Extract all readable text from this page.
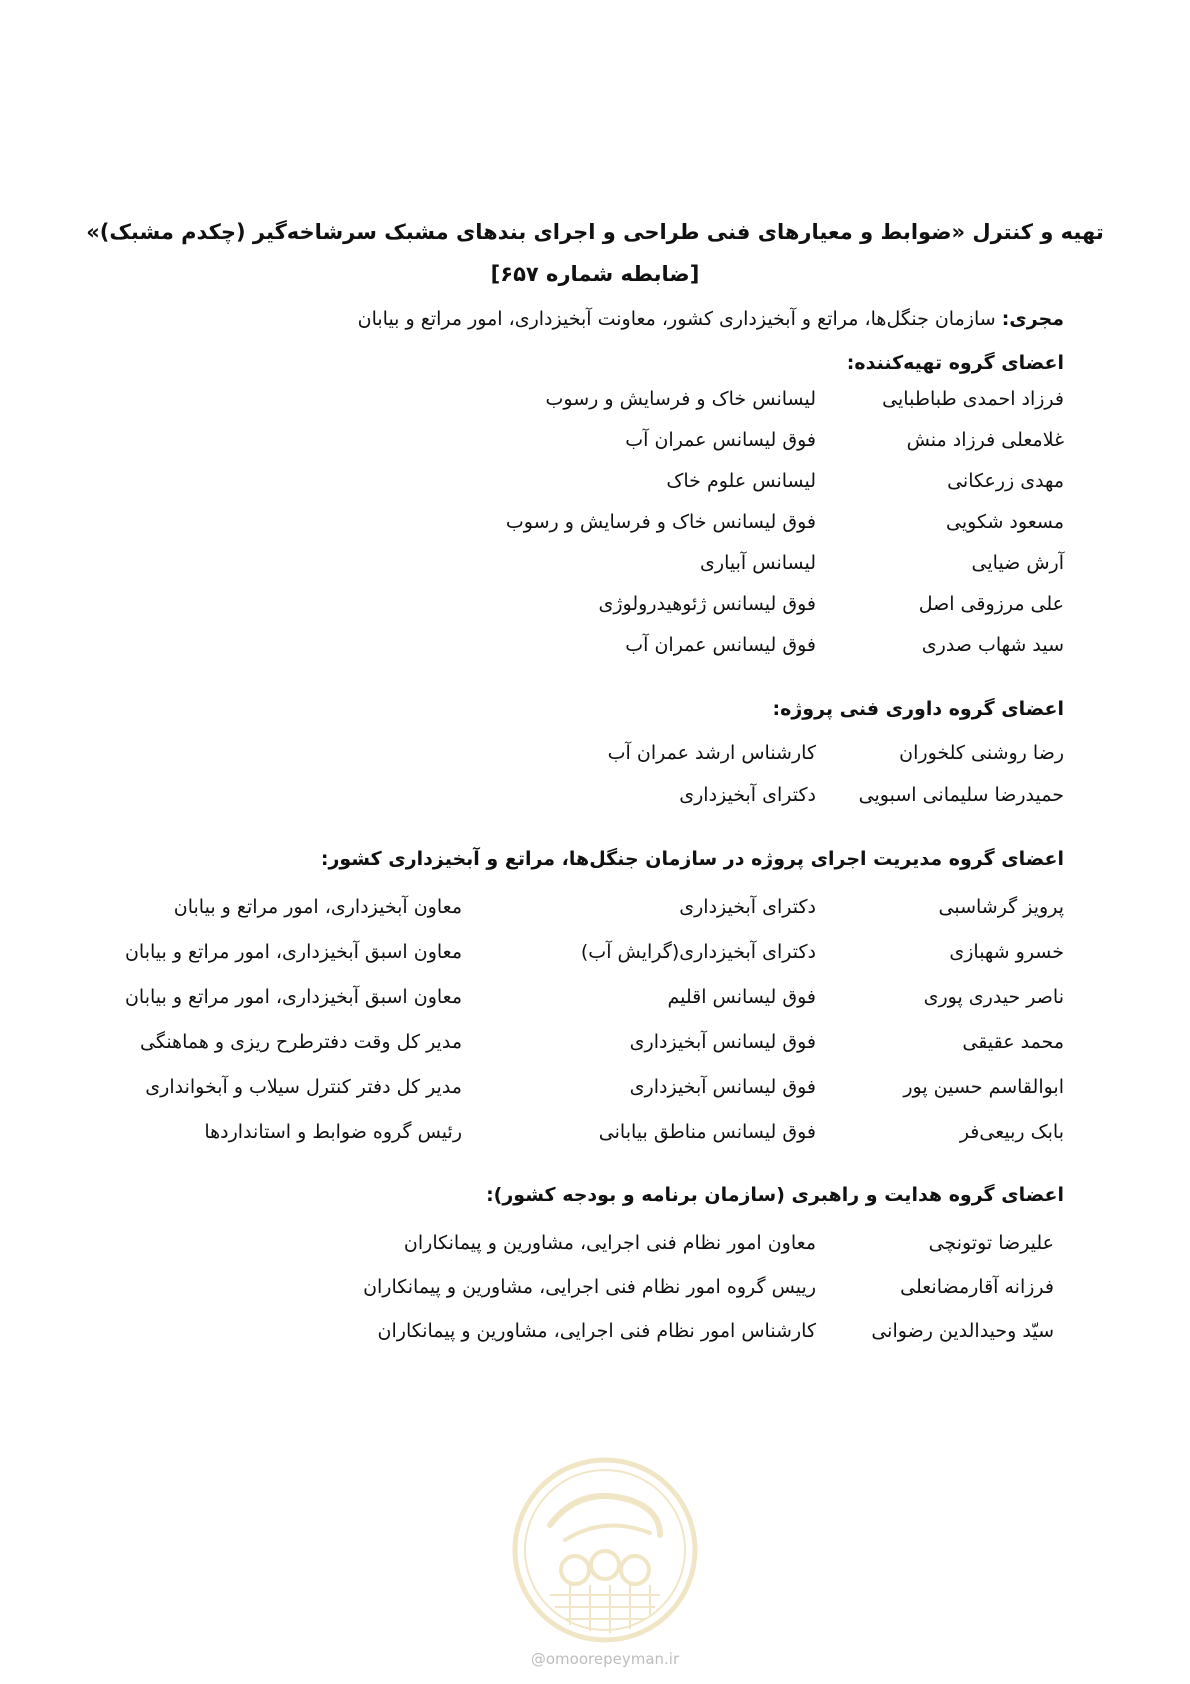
تهیه و کنترل «ضوابط و معیارهای فنی طراحی و اجرای بندهای مشبک سرشاخه‌گیر (چکدم مشبک)»
[ضابطه شماره ۶۵۷]
مجری: سازمان جنگل‌ها، مراتع و آبخیزداری کشور، معاونت آبخیزداری، امور مراتع و بیابان
اعضای گروه تهیه‌کننده:
فرزاد احمدی طباطبایی
لیسانس خاک و فرسایش و رسوب
غلامعلی فرزاد منش
فوق لیسانس عمران آب
مهدی زرعکانی
لیسانس علوم خاک
مسعود شکویی
فوق لیسانس خاک و فرسایش و رسوب
آرش ضیایی
لیسانس آبیاری
علی مرزوقی اصل
فوق لیسانس ژئوهیدرولوژی
سید شهاب صدری
فوق لیسانس عمران آب
اعضای گروه داوری فنی پروژه:
رضا روشنی کلخوران
کارشناس ارشد عمران آب
حمیدرضا سلیمانی اسبویی
دکترای آبخیزداری
اعضای گروه مدیریت اجرای پروژه در سازمان جنگل‌ها، مراتع و آبخیزداری کشور:
پرویز گرشاسبی
دکترای آبخیزداری
معاون آبخیزداری، امور مراتع و بیابان
خسرو شهبازی
دکترای آبخیزداری(گرایش آب)
معاون اسبق آبخیزداری، امور مراتع و بیابان
ناصر حیدری پوری
فوق لیسانس اقلیم
معاون اسبق آبخیزداری، امور مراتع و بیابان
محمد عقیقی
فوق لیسانس آبخیزداری
مدیر کل وقت دفترطرح ریزی و هماهنگی
ابوالقاسم حسین پور
فوق لیسانس آبخیزداری
مدیر کل دفتر کنترل سیلاب و آبخوانداری
بابک ربیعی‌فر
فوق لیسانس مناطق بیابانی
رئیس گروه ضوابط و استانداردها
اعضای گروه هدایت و راهبری (سازمان برنامه و بودجه کشور):
علیرضا توتونچی
معاون امور نظام فنی اجرایی، مشاورین و پیمانکاران
فرزانه آقارمضانعلی
رییس گروه امور نظام فنی اجرایی، مشاورین و پیمانکاران
سیّد وحیدالدین رضوانی
کارشناس امور نظام فنی اجرایی، مشاورین و پیمانکاران
@omoorepeyman.ir
